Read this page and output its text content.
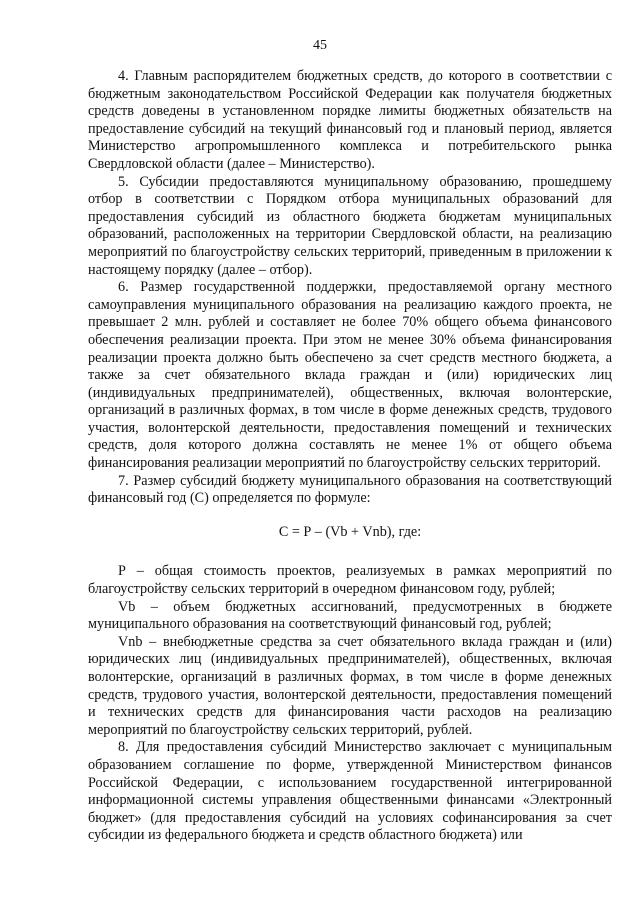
45

4. Главным распорядителем бюджетных средств, до которого в соответствии с бюджетным законодательством Российской Федерации как получателя бюджетных средств доведены в установленном порядке лимиты бюджетных обязательств на предоставление субсидий на текущий финансовый год и плановый период, является Министерство агропромышленного комплекса и потребительского рынка Свердловской области (далее – Министерство).

5. Субсидии предоставляются муниципальному образованию, прошедшему отбор в соответствии с Порядком отбора муниципальных образований для предоставления субсидий из областного бюджета бюджетам муниципальных образований, расположенных на территории Свердловской области, на реализацию мероприятий по благоустройству сельских территорий, приведенным в приложении к настоящему порядку (далее – отбор).

6. Размер государственной поддержки, предоставляемой органу местного самоуправления муниципального образования на реализацию каждого проекта, не превышает 2 млн. рублей и составляет не более 70% общего объема финансового обеспечения реализации проекта. При этом не менее 30% объема финансирования реализации проекта должно быть обеспечено за счет средств местного бюджета, а также за счет обязательного вклада граждан и (или) юридических лиц (индивидуальных предпринимателей), общественных, включая волонтерские, организаций в различных формах, в том числе в форме денежных средств, трудового участия, волонтерской деятельности, предоставления помещений и технических средств, доля которого должна составлять не менее 1% от общего объема финансирования реализации мероприятий по благоустройству сельских территорий.

7. Размер субсидий бюджету муниципального образования на соответствующий финансовый год (С) определяется по формуле:

С = Р – (Vb + Vnb), где:

Р – общая стоимость проектов, реализуемых в рамках мероприятий по благоустройству сельских территорий в очередном финансовом году, рублей;

Vb – объем бюджетных ассигнований, предусмотренных в бюджете муниципального образования на соответствующий финансовый год, рублей;

Vnb – внебюджетные средства за счет обязательного вклада граждан и (или) юридических лиц (индивидуальных предпринимателей), общественных, включая волонтерские, организаций в различных формах, в том числе в форме денежных средств, трудового участия, волонтерской деятельности, предоставления помещений и технических средств для финансирования части расходов на реализацию мероприятий по благоустройству сельских территорий, рублей.

8. Для предоставления субсидий Министерство заключает с муниципальным образованием соглашение по форме, утвержденной Министерством финансов Российской Федерации, с использованием государственной интегрированной информационной системы управления общественными финансами «Электронный бюджет» (для предоставления субсидий на условиях софинансирования за счет субсидии из федерального бюджета и средств областного бюджета) или
